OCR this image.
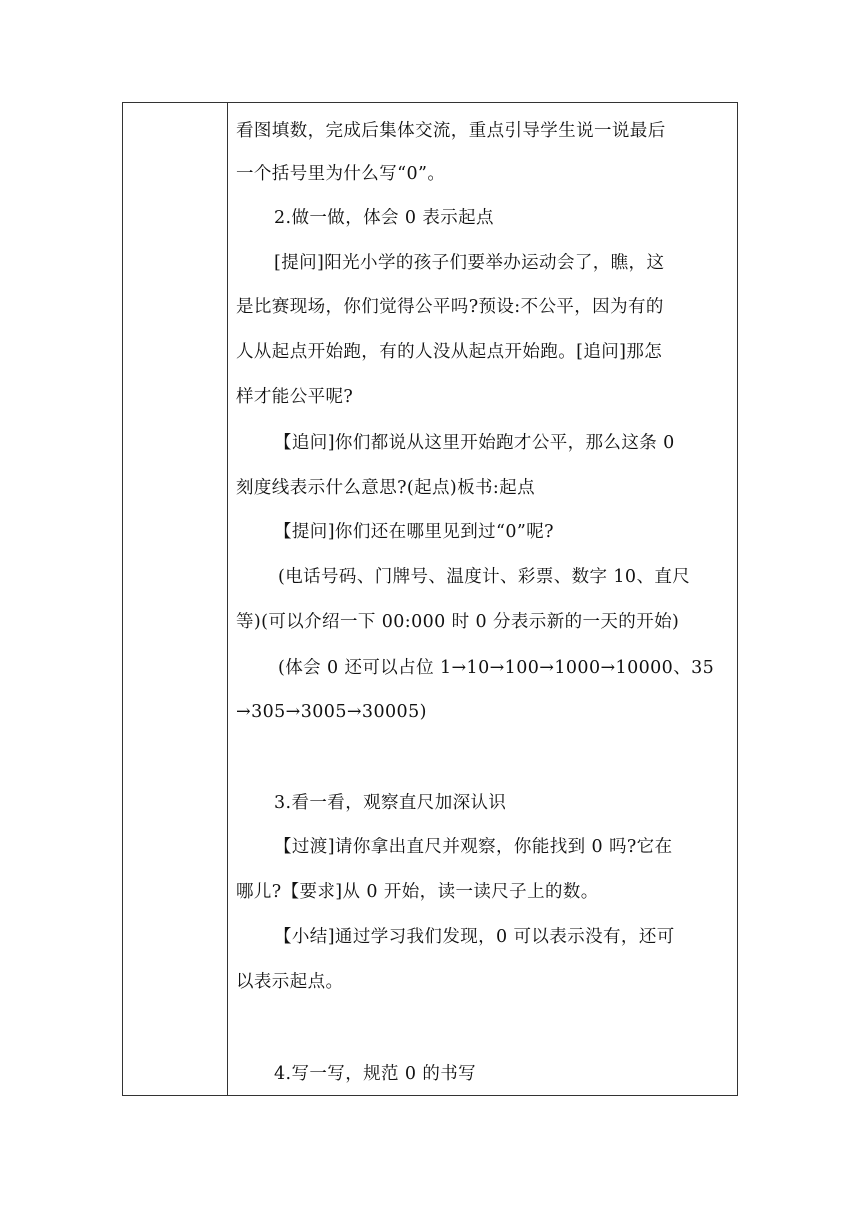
看图填数，完成后集体交流，重点引导学生说一说最后
一个括号里为什么写“0”。
2.做一做，体会 0 表示起点
[提问]阳光小学的孩子们要举办运动会了，瞧，这
是比赛现场，你们觉得公平吗?预设:不公平，因为有的
人从起点开始跑，有的人没从起点开始跑。[追问]那怎
样才能公平呢?
【追问]你们都说从这里开始跑才公平，那么这条 0
刻度线表示什么意思?(起点)板书:起点
【提问]你们还在哪里见到过“0”呢?
(电话号码、门牌号、温度计、彩票、数字 10、直尺
等)(可以介绍一下 00:000 时 0 分表示新的一天的开始)
(体会 0 还可以占位 1→10→100→1000→10000、35
→305→3005→30005)
3.看一看，观察直尺加深认识
【过渡]请你拿出直尺并观察，你能找到 0 吗?它在
哪儿?【要求]从 0 开始，读一读尺子上的数。
【小结]通过学习我们发现，0 可以表示没有，还可
以表示起点。
4.写一写，规范 0 的书写
